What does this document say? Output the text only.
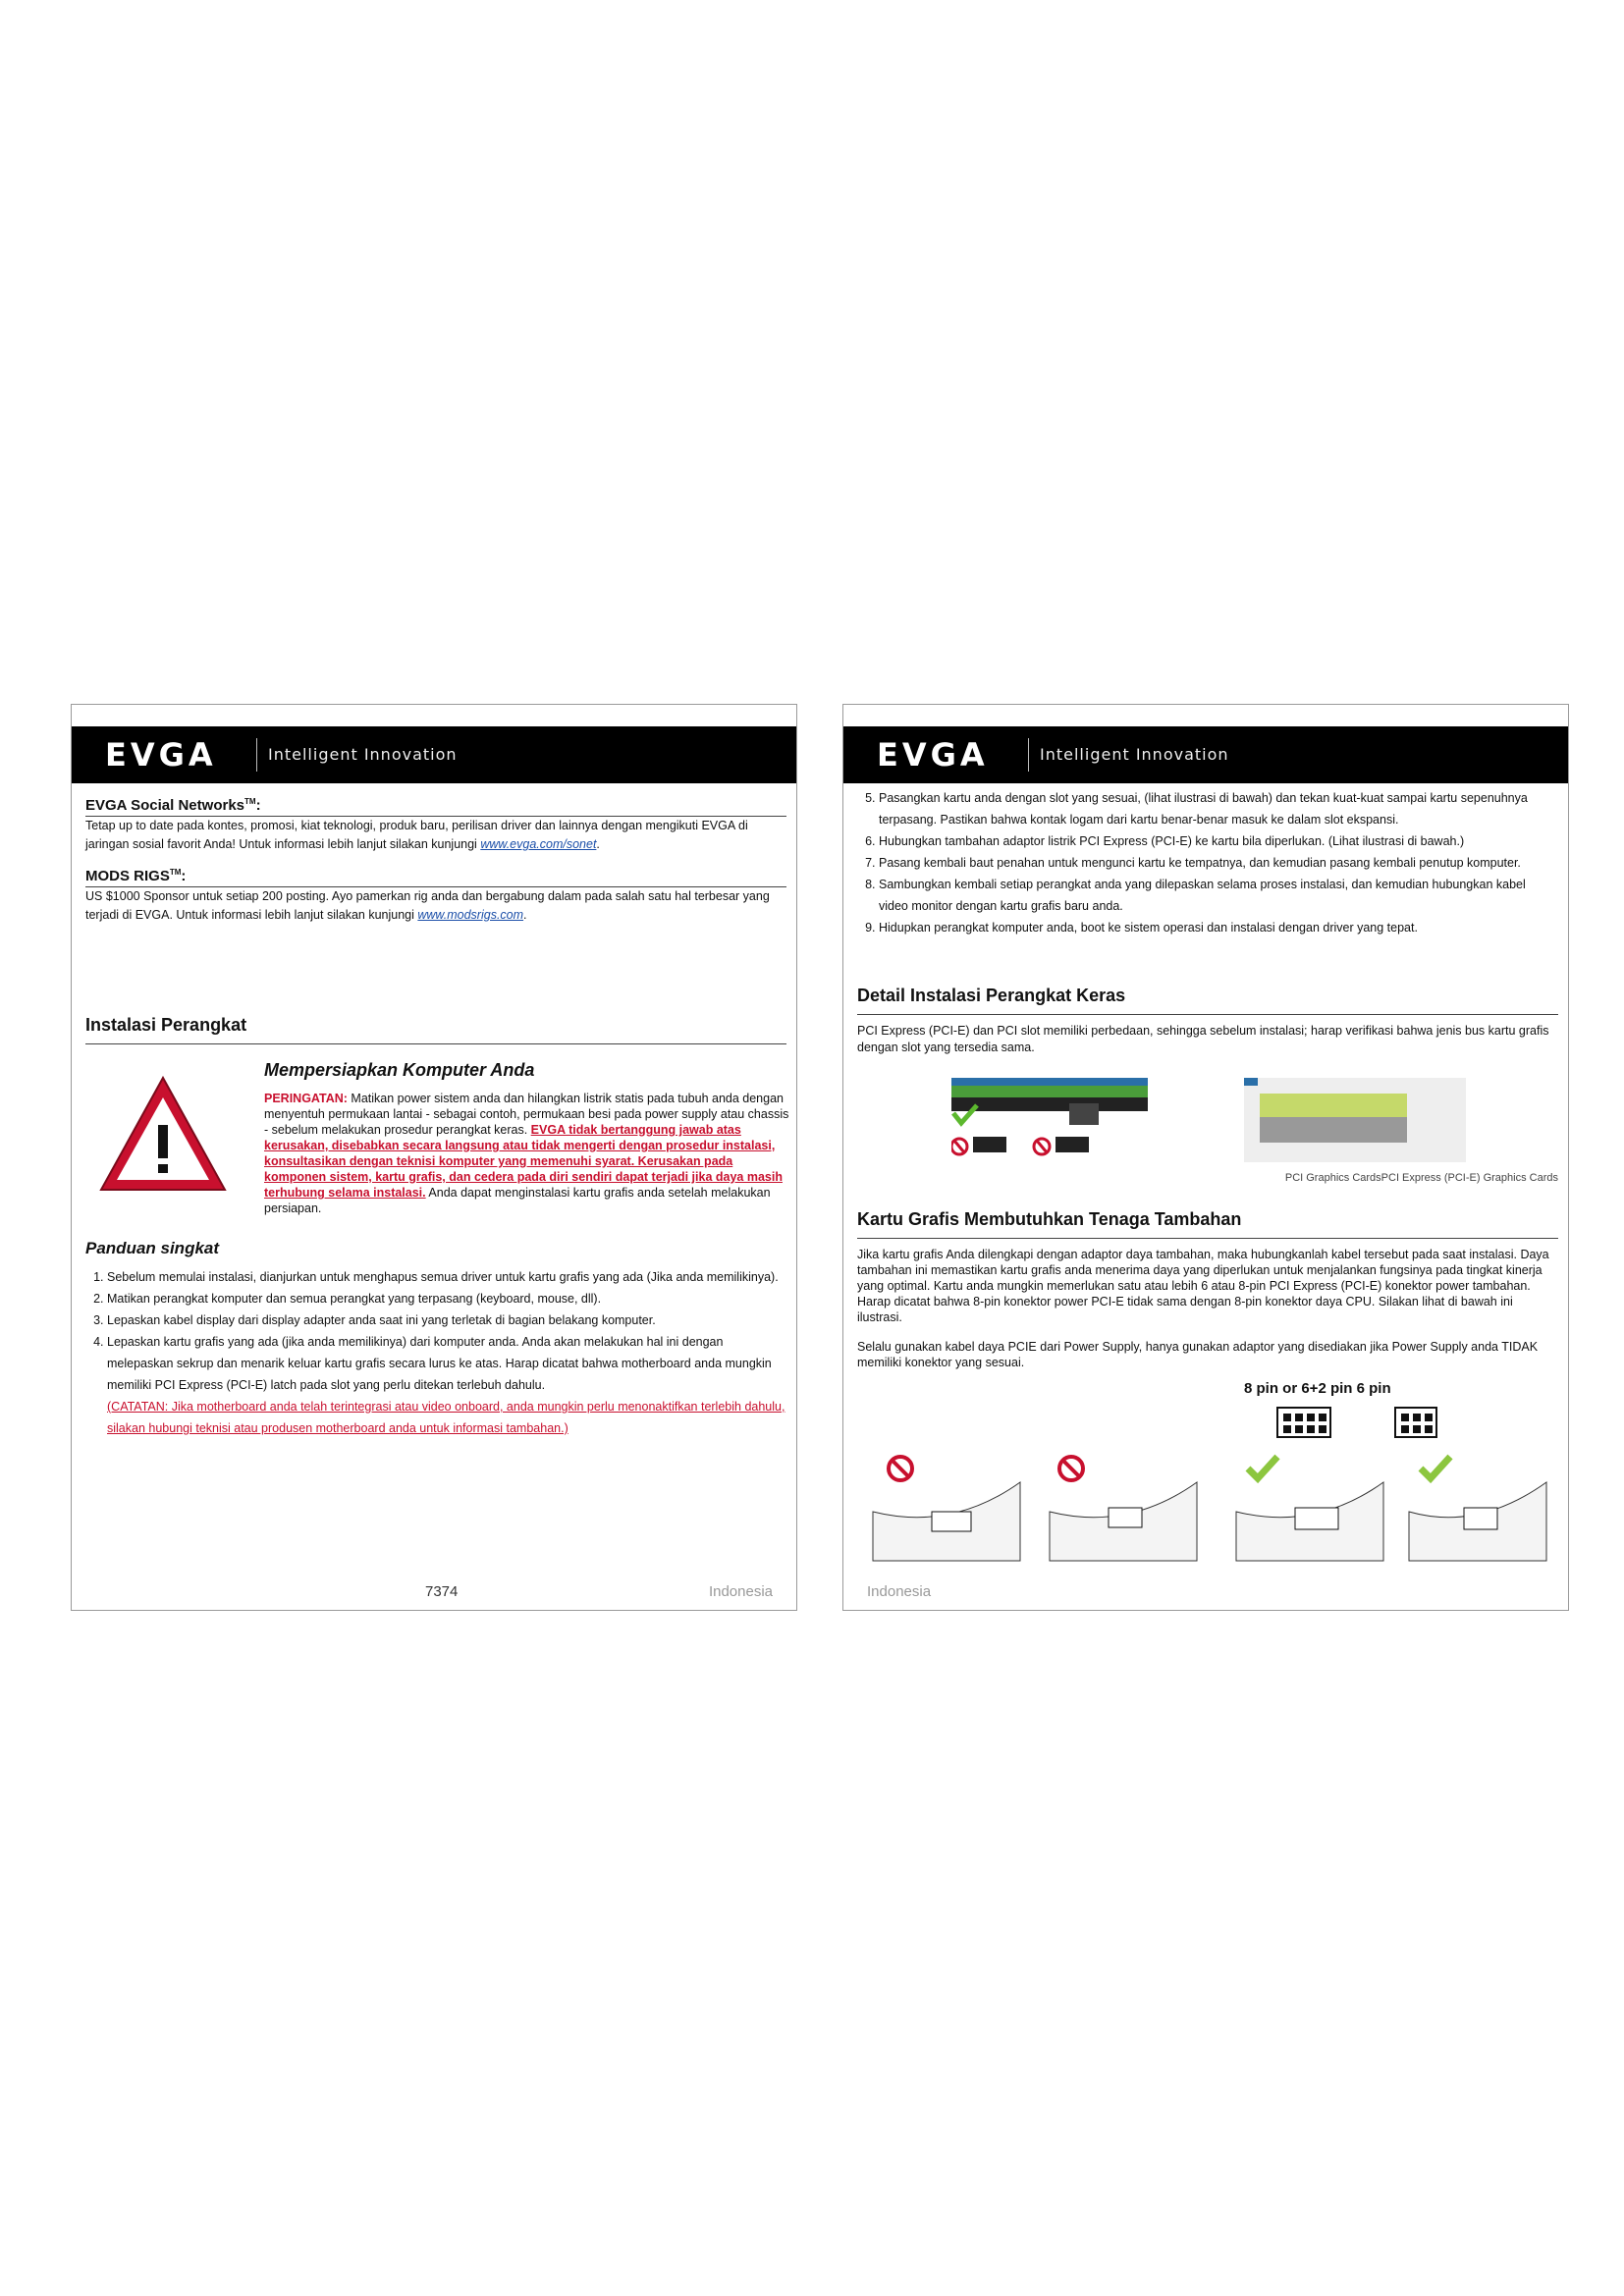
EVGA	Intelligent Innovation
EVGA Social Networks™:
Tetap up to date pada kontes, promosi, kiat teknologi, produk baru, perilisan driver dan lainnya dengan mengikuti EVGA di jaringan sosial favorit Anda! Untuk informasi lebih lanjut silakan kunjungi www.evga.com/sonet.
MODS RIGS™:
US $1000 Sponsor untuk setiap 200 posting. Ayo pamerkan rig anda dan bergabung dalam pada salah satu hal terbesar yang terjadi di EVGA. Untuk informasi lebih lanjut silakan kunjungi www.modsrigs.com.
Instalasi Perangkat
Mempersiapkan Komputer Anda
PERINGATAN: Matikan power sistem anda dan hilangkan listrik statis pada tubuh anda dengan menyentuh permukaan lantai - sebagai contoh, permukaan besi pada power supply atau chassis - sebelum melakukan prosedur perangkat keras. EVGA tidak bertanggung jawab atas kerusakan, disebabkan secara langsung atau tidak mengerti dengan prosedur instalasi, konsultasikan dengan teknisi komputer yang memenuhi syarat. Kerusakan pada komponen sistem, kartu grafis, dan cedera pada diri sendiri dapat terjadi jika daya masih terhubung selama instalasi. Anda dapat menginstalasi kartu grafis anda setelah melakukan persiapan.
Panduan singkat
1. Sebelum memulai instalasi, dianjurkan untuk menghapus semua driver untuk kartu grafis yang ada (Jika anda memilikinya).
2. Matikan perangkat komputer dan semua perangkat yang terpasang (keyboard, mouse, dll).
3. Lepaskan kabel display dari display adapter anda saat ini yang terletak di bagian belakang komputer.
4. Lepaskan kartu grafis yang ada (jika anda memilikinya) dari komputer anda. Anda akan melakukan hal ini dengan melepaskan sekrup dan menarik keluar kartu grafis secara lurus ke atas. Harap dicatat bahwa motherboard anda mungkin memiliki PCI Express (PCI-E) latch pada slot yang perlu ditekan terlebuh dahulu.
(CATATAN: Jika motherboard anda telah terintegrasi atau video onboard, anda mungkin perlu menonaktifkan terlebih dahulu, silakan hubungi teknisi atau produsen motherboard anda untuk informasi tambahan.)
7374	Indonesia
EVGA	Intelligent Innovation
5. Pasangkan kartu anda dengan slot yang sesuai, (lihat ilustrasi di bawah) dan tekan kuat-kuat sampai kartu sepenuhnya terpasang. Pastikan bahwa kontak logam dari kartu benar-benar masuk ke dalam slot ekspansi.
6. Hubungkan tambahan adaptor listrik PCI Express (PCI-E) ke kartu bila diperlukan. (Lihat ilustrasi di bawah.)
7. Pasang kembali baut penahan untuk mengunci kartu ke tempatnya, dan kemudian pasang kembali penutup komputer.
8. Sambungkan kembali setiap perangkat anda yang dilepaskan selama proses instalasi, dan kemudian hubungkan kabel video monitor dengan kartu grafis baru anda.
9. Hidupkan perangkat komputer anda, boot ke sistem operasi dan instalasi dengan driver yang tepat.
Detail Instalasi Perangkat Keras
PCI Express (PCI-E) dan PCI slot memiliki perbedaan, sehingga sebelum instalasi; harap verifikasi bahwa jenis bus kartu grafis dengan slot yang tersedia sama.
PCI Graphics CardsPCI Express (PCI-E) Graphics Cards
Kartu Grafis Membutuhkan Tenaga Tambahan
Jika kartu grafis Anda dilengkapi dengan adaptor daya tambahan, maka hubungkanlah kabel tersebut pada saat instalasi. Daya tambahan ini memastikan kartu grafis anda menerima daya yang diperlukan untuk menjalankan fungsinya pada tingkat kinerja yang optimal. Kartu anda mungkin memerlukan satu atau lebih 6 atau 8-pin PCI Express (PCI-E) konektor power tambahan. Harap dicatat bahwa 8-pin konektor power PCI-E tidak sama dengan 8-pin konektor daya CPU. Silakan lihat di bawah ini ilustrasi.
Selalu gunakan kabel daya PCIE dari Power Supply, hanya gunakan adaptor yang disediakan jika Power Supply anda TIDAK memiliki konektor yang sesuai.
8 pin or 6+2 pin 6 pin
Indonesia
